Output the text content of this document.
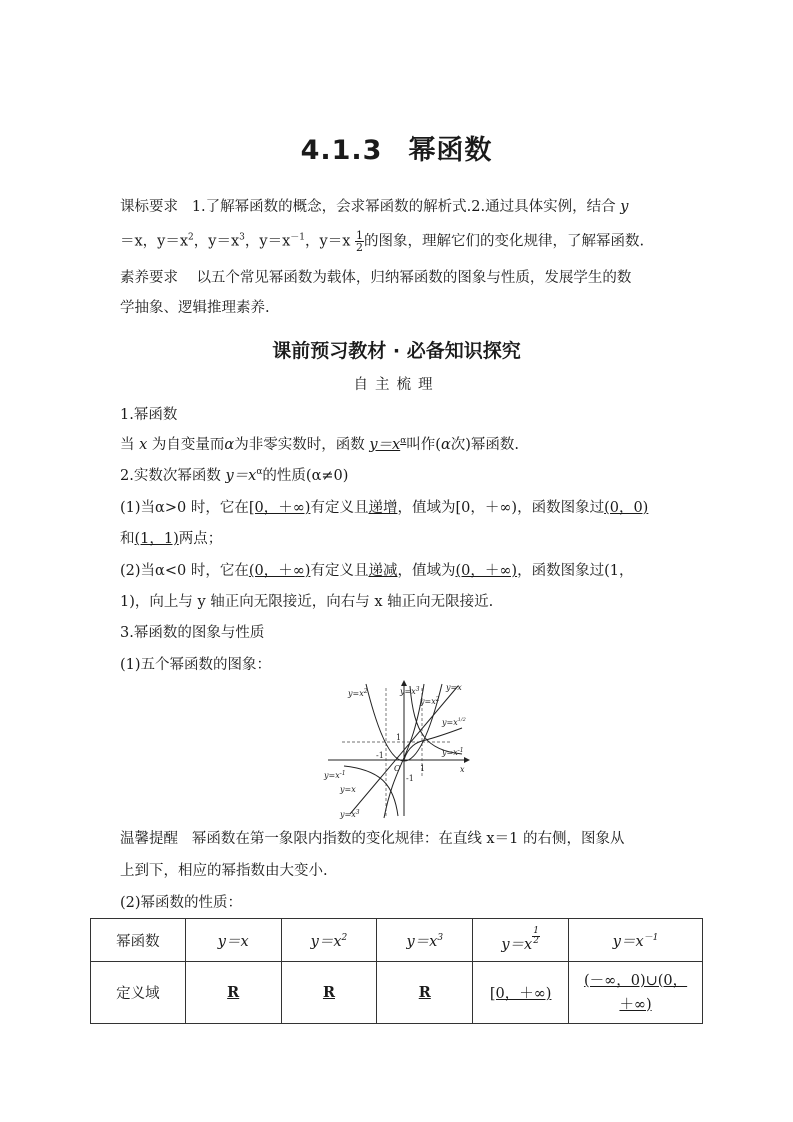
4.1.3 幂函数
课标要求 1.了解幂函数的概念，会求幂函数的解析式.2.通过具体实例，结合 y
＝x，$y=x^2$，$y=x^3$，$y=x^{-1}$，$y=x \frac{1}{2}$ 的图象，理解它们的变化规律，了解幂函数.
素养要求 以五个常见幂函数为载体，归纳幂函数的图象与性质，发展学生的数
学抽象、逻辑推理素养.
课前预习教材 · 必备知识探究
自主梳理
1.幂函数
当 x 为自变量而α为非零实数时，函数 $y=x^\alpha$叫作(α次)幂函数.
2.实数次幂函数 $y=x^\alpha$的性质(α≠0)
(1)当α>0 时，它在[0，＋∞)有定义且递增，值域为[0，＋∞)，函数图象过(0，0)
和(1，1)两点；
(2)当α<0 时，它在(0，＋∞)有定义且递减，值域为(0，＋∞)，函数图象过(1，
1)，向上与 y 轴正向无限接近，向右与 x 轴正向无限接近.
3.幂函数的图象与性质
(1)五个幂函数的图象：
$y=x^2$	$y=x^3$
$y=x^2$
y=x
$y=x^{1/2}$
$y=x^{-1}$
$y=x^{-1}$
y=x
$y=x^3$
1
-1
O 1
-1
x
温馨提醒 幂函数在第一象限内指数的变化规律：在直线 x＝1 的右侧，图象从
上到下，相应的幂指数由大变小.
(2)幂函数的性质：
幂函数	y＝x	$y=x^2$	$y=x^3$	$y=x \frac{1}{2}$	$y=x^{-1}$
定义域	R	R	R	[0，＋∞)	(－∞，0)∪(0，
＋∞)
